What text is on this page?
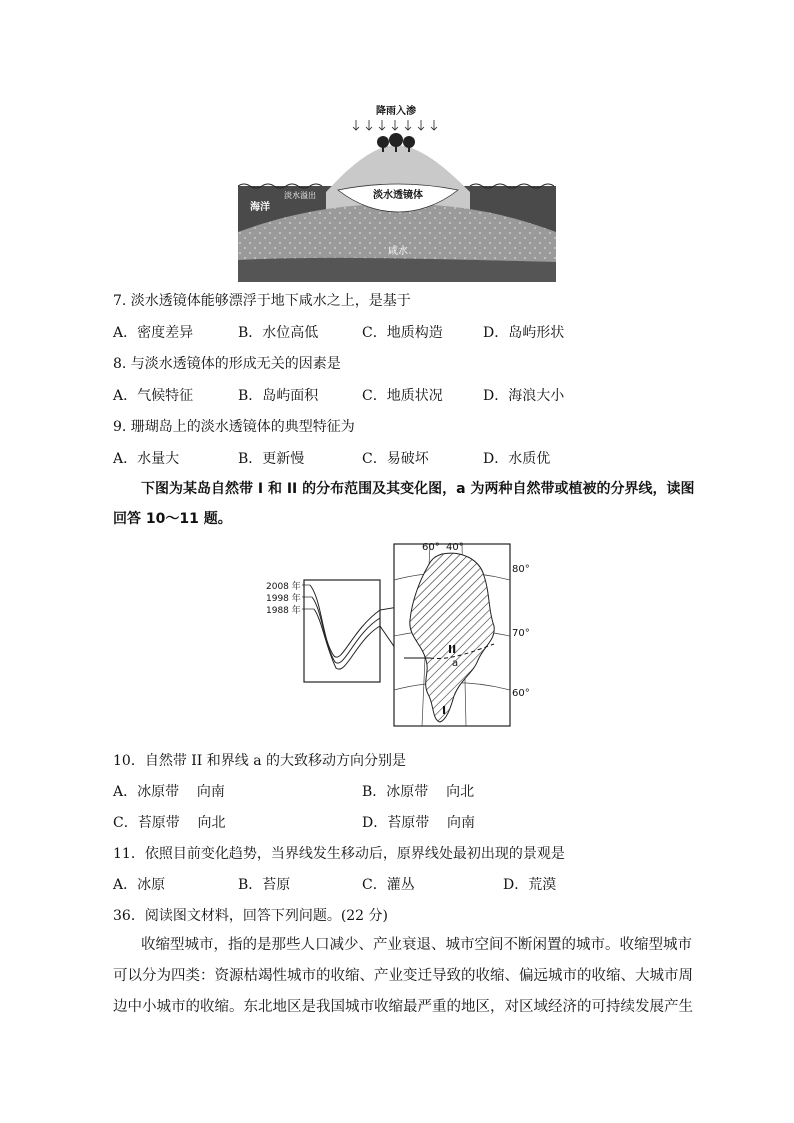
降雨入渗
海洋
淡水溢出	淡水透镜体
咸水
7. 淡水透镜体能够漂浮于地下咸水之上，是基于
A．密度差异	B．水位高低	C．地质构造	D．岛屿形状
8. 与淡水透镜体的形成无关的因素是
A．气候特征	B．岛屿面积	C．地质状况	D．海浪大小
9. 珊瑚岛上的淡水透镜体的典型特征为
A．水量大	B．更新慢	C．易破坏	D．水质优
下图为某岛自然带 I 和 II 的分布范围及其变化图，a 为两种自然带或植被的分界线，读图
回答 10～11 题。
2008 年
1998 年
1988 年
60° 40°
80°
70°
60°
II
I
a
10．自然带 II 和界线 a 的大致移动方向分别是
A．冰原带    向南	B．冰原带    向北
C．苔原带    向北	D．苔原带    向南
11．依照目前变化趋势，当界线发生移动后，原界线处最初出现的景观是
A．冰原	B．苔原	C．灌丛	D．荒漠
36．阅读图文材料，回答下列问题。(22 分)
收缩型城市，指的是那些人口减少、产业衰退、城市空间不断闲置的城市。收缩型城市
可以分为四类：资源枯竭性城市的收缩、产业变迁导致的收缩、偏远城市的收缩、大城市周
边中小城市的收缩。东北地区是我国城市收缩最严重的地区，对区域经济的可持续发展产生
